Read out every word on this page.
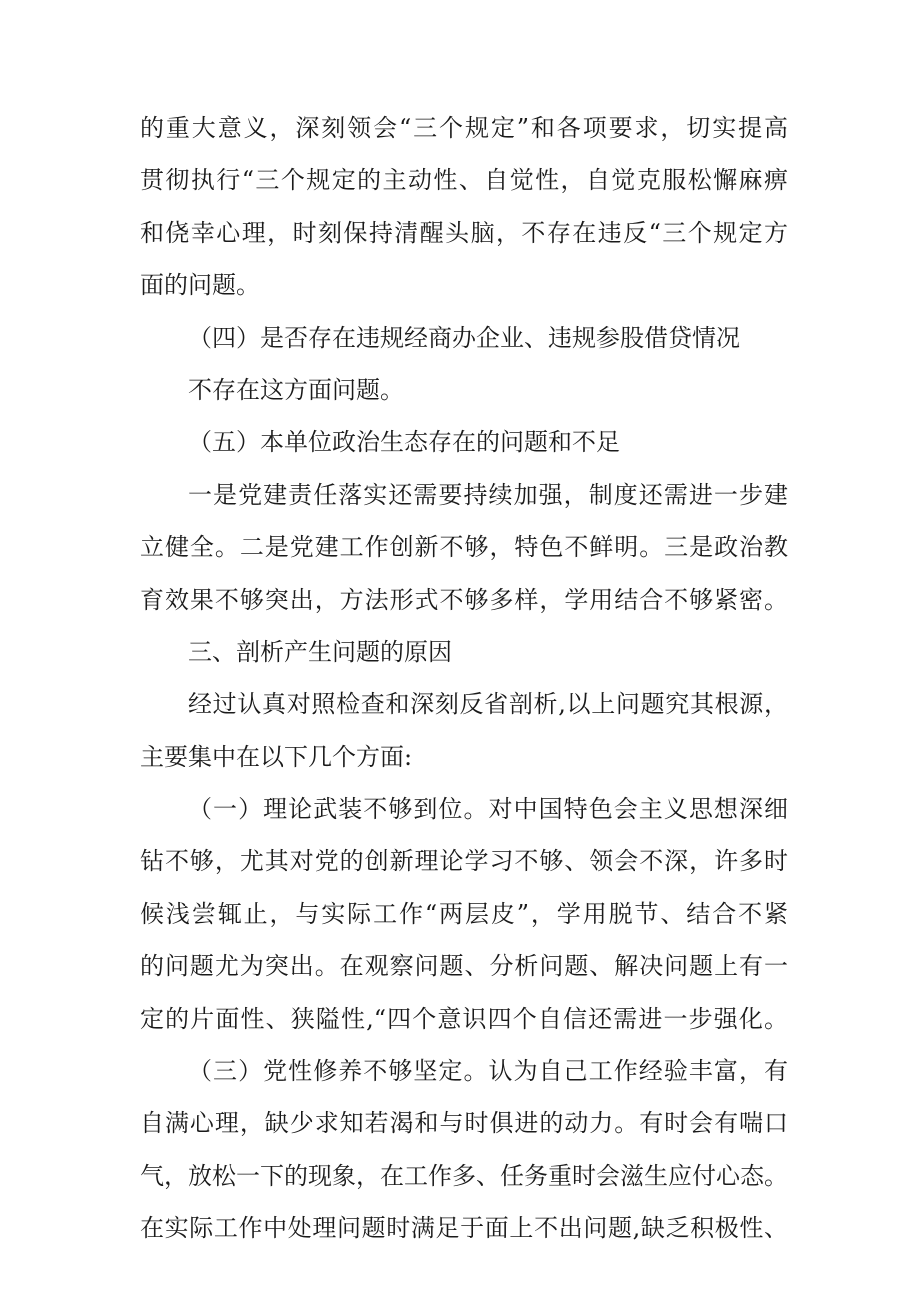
的重大意义，深刻领会“三个规定”和各项要求，切实提高
贯彻执行“三个规定的主动性、自觉性，自觉克服松懈麻痹
和侥幸心理，时刻保持清醒头脑，不存在违反“三个规定方
面的问题。
（四）是否存在违规经商办企业、违规参股借贷情况
不存在这方面问题。
（五）本单位政治生态存在的问题和不足
一是党建责任落实还需要持续加强，制度还需进一步建
立健全。二是党建工作创新不够，特色不鲜明。三是政治教
育效果不够突出，方法形式不够多样，学用结合不够紧密。
三、剖析产生问题的原因
经过认真对照检查和深刻反省剖析,以上问题究其根源，
主要集中在以下几个方面:
（一）理论武装不够到位。对中国特色会主义思想深细
钻不够，尤其对党的创新理论学习不够、领会不深，许多时
候浅尝辄止，与实际工作“两层皮”，学用脱节、结合不紧
的问题尤为突出。在观察问题、分析问题、解决问题上有一
定的片面性、狭隘性,“四个意识四个自信还需进一步强化。
（三）党性修养不够坚定。认为自己工作经验丰富，有
自满心理，缺少求知若渴和与时俱进的动力。有时会有喘口
气，放松一下的现象，在工作多、任务重时会滋生应付心态。
在实际工作中处理问题时满足于面上不出问题,缺乏积极性、
